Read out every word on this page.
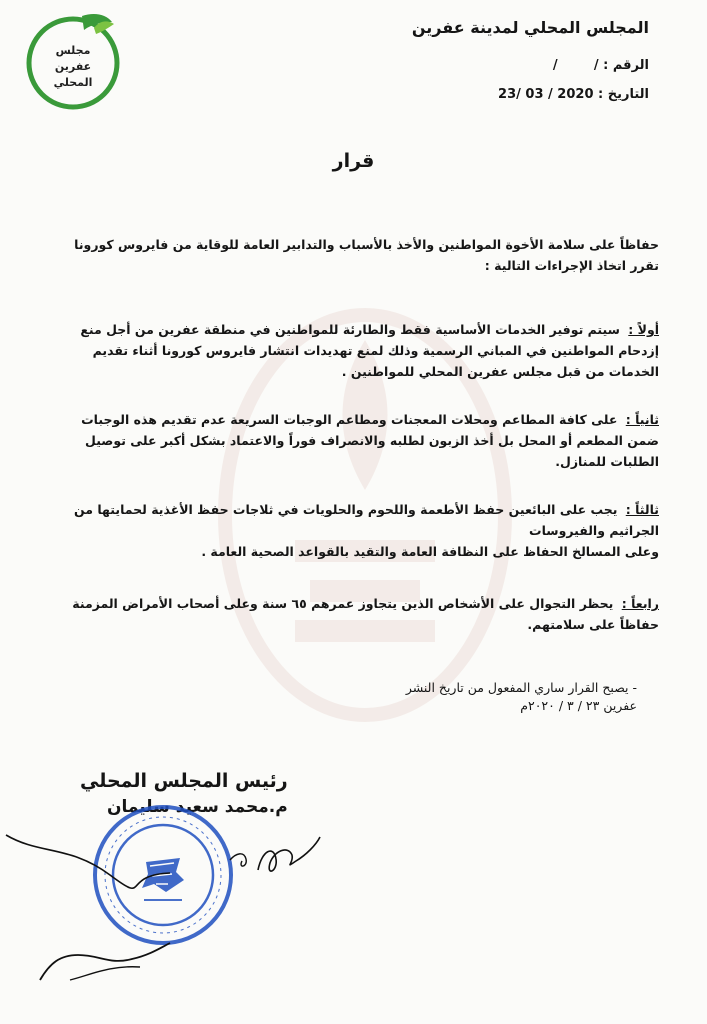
مجلس
عفرين
المحلي
المجلس المحلي لمدينة عفرين
الرقم : /        /
التاريخ : 23/ 03 / 2020
قرار
حفاظاً على سلامة الأخوة المواطنين والأخذ بالأسباب والتدابير العامة للوقاية من فايروس كورونا تقرر اتخاذ الإجراءات التالية :
أولاً : سيتم توفير الخدمات الأساسية فقط والطارئة للمواطنين في منطقة عفرين من أجل منع إزدحام المواطنين في المباني الرسمية وذلك لمنع تهديدات انتشار فايروس كورونا أثناء تقديم الخدمات من قبل مجلس عفرين المحلي للمواطنين .
ثانياً : على كافة المطاعم ومحلات المعجنات ومطاعم الوجبات السريعة عدم تقديم هذه الوجبات ضمن المطعم أو المحل بل أخذ الزبون لطلبه والانصراف فوراً والاعتماد بشكل أكبر على توصيل الطلبات للمنازل.
ثالثاً : يجب على البائعين حفظ الأطعمة واللحوم والحلويات في ثلاجات حفظ الأغذية لحمايتها من الجراثيم والفيروسات
وعلى المسالخ الحفاظ على النظافة العامة والتقيد بالقواعد الصحية العامة .
رابعاً : يحظر التجوال على الأشخاص الذين يتجاوز عمرهم ٦٥ سنة وعلى أصحاب الأمراض المزمنة حفاظاً على سلامتهم.
- يصبح القرار ساري المفعول من تاريخ النشر
عفرين ٢٣ / ٣ / ٢٠٢٠م
رئيس المجلس المحلي
م.محمد سعيد سليمان
